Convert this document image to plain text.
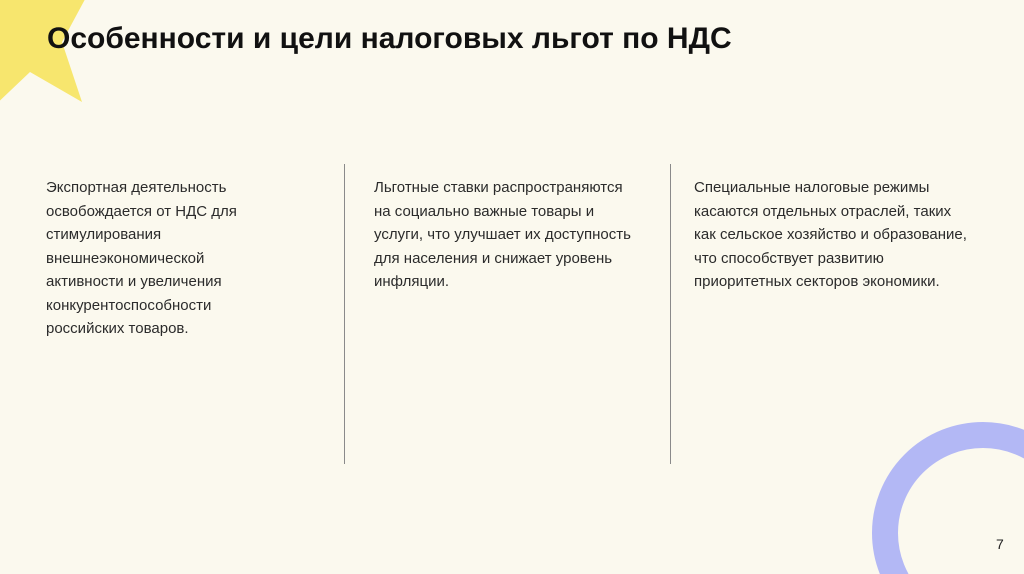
Особенности и цели налоговых льгот по НДС

Экспортная деятельность освобождается от НДС для стимулирования внешнеэкономической активности и увеличения конкурентоспособности российских товаров.

Льготные ставки распространяются на социально важные товары и услуги, что улучшает их доступность для населения и снижает уровень инфляции.

Специальные налоговые режимы касаются отдельных отраслей, таких как сельское хозяйство и образование, что способствует развитию приоритетных секторов экономики.

7
